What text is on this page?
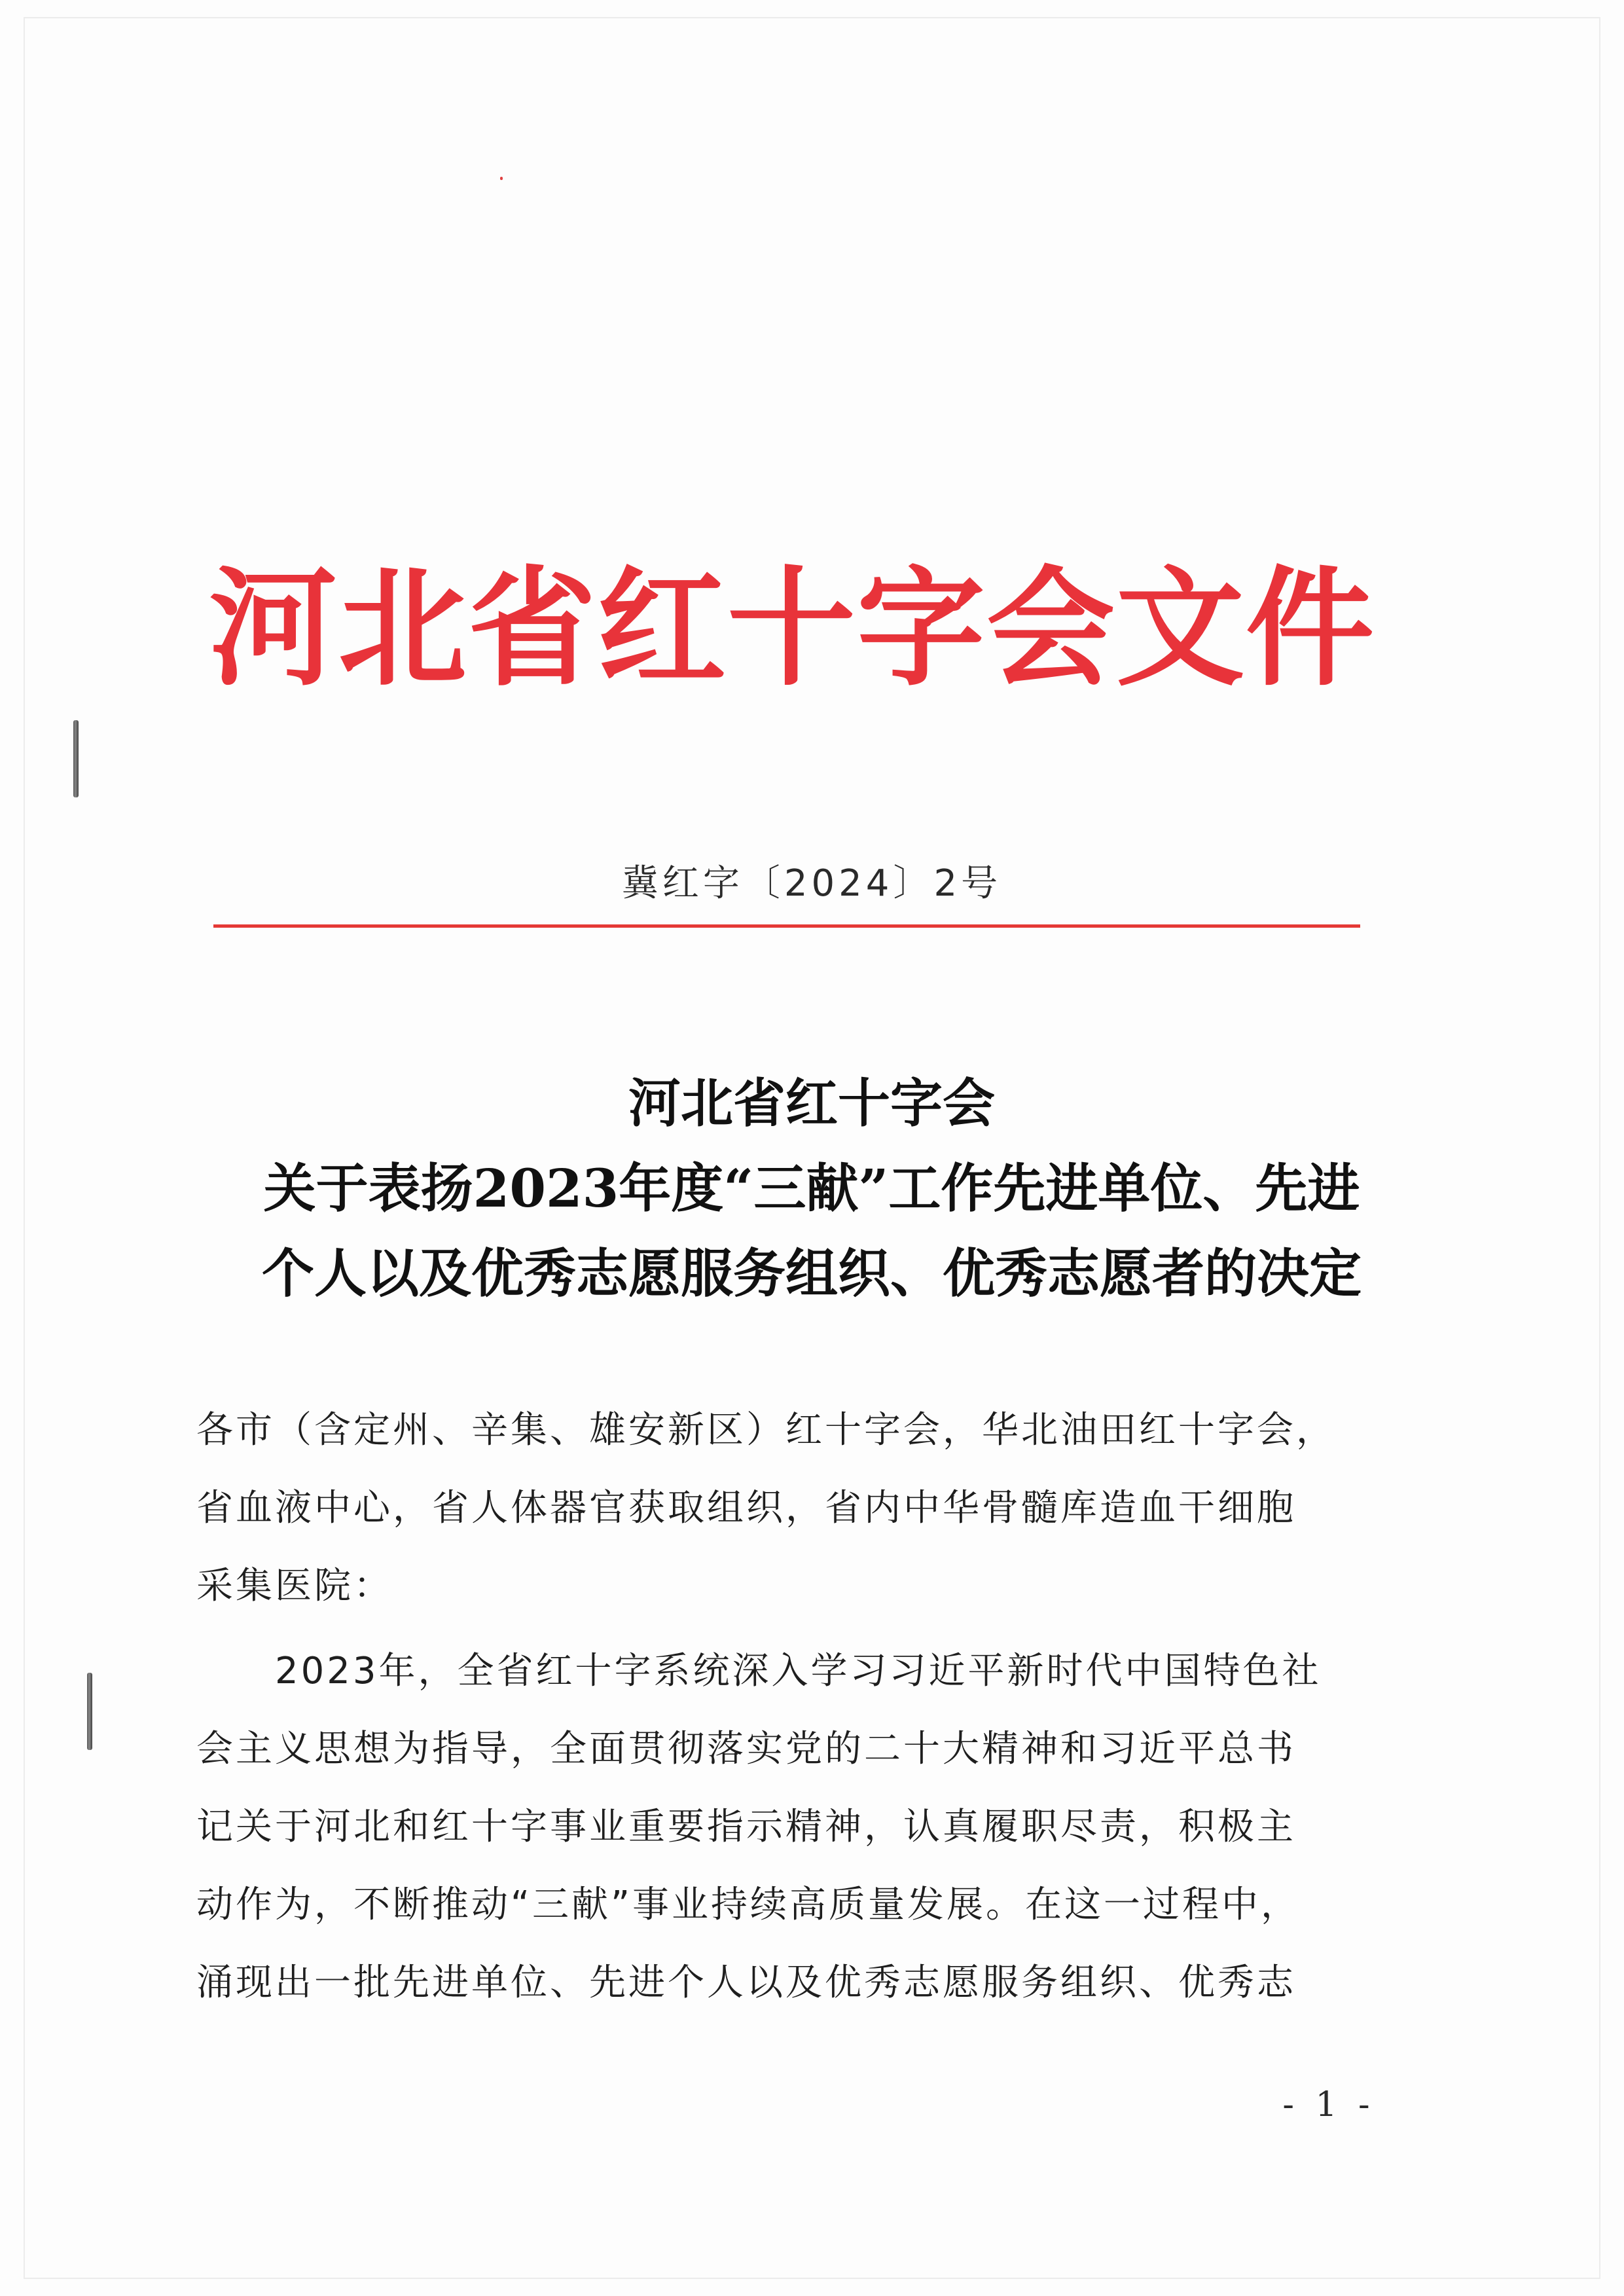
河北省红十字会文件
冀红字〔2024〕2号
河北省红十字会
关于表扬2023年度“三献”工作先进单位、先进
个人以及优秀志愿服务组织、优秀志愿者的决定
各市（含定州、辛集、雄安新区）红十字会，华北油田红十字会，
省血液中心，省人体器官获取组织，省内中华骨髓库造血干细胞
采集医院：
　　2023年，全省红十字系统深入学习习近平新时代中国特色社
会主义思想为指导，全面贯彻落实党的二十大精神和习近平总书
记关于河北和红十字事业重要指示精神，认真履职尽责，积极主
动作为，不断推动“三献”事业持续高质量发展。在这一过程中，
涌现出一批先进单位、先进个人以及优秀志愿服务组织、优秀志
- 1 -
